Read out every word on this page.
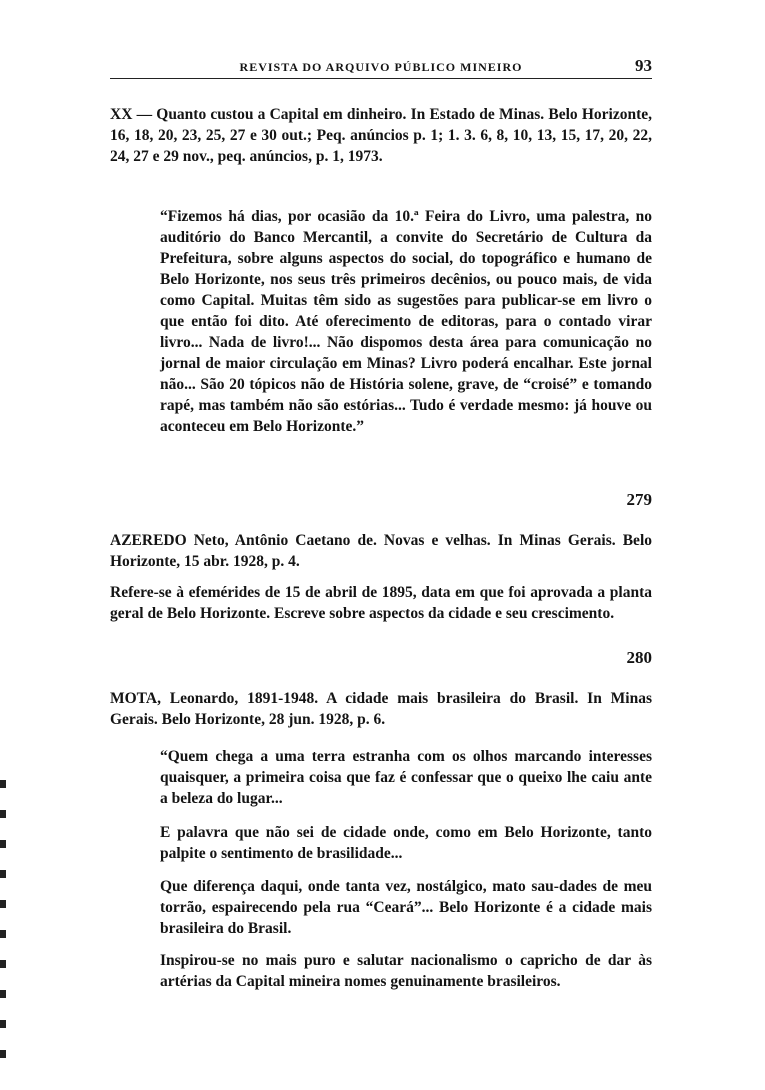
REVISTA DO ARQUIVO PÚBLICO MINEIRO	93
XX — Quanto custou a Capital em dinheiro. In Estado de Minas. Belo Horizonte, 16, 18, 20, 23, 25, 27 e 30 out.; Peq. anúncios p. 1; 1. 3. 6, 8, 10, 13, 15, 17, 20, 22, 24, 27 e 29 nov., peq. anúncios, p. 1, 1973.
“Fizemos há dias, por ocasião da 10.ª Feira do Livro, uma palestra, no auditório do Banco Mercantil, a convite do Secretário de Cultura da Prefeitura, sobre alguns aspectos do social, do topográfico e humano de Belo Horizonte, nos seus três primeiros decênios, ou pouco mais, de vida como Capital. Muitas têm sido as sugestões para publicar-se em livro o que então foi dito. Até oferecimento de editoras, para o contado virar livro... Nada de livro!... Não dispomos desta área para comunicação no jornal de maior circulação em Minas? Livro poderá encalhar. Este jornal não... São 20 tópicos não de História solene, grave, de “croisé” e tomando rapé, mas também não são estórias... Tudo é verdade mesmo: já houve ou aconteceu em Belo Horizonte.”
279
AZEREDO Neto, Antônio Caetano de. Novas e velhas. In Minas Gerais. Belo Horizonte, 15 abr. 1928, p. 4.
Refere-se à efemérides de 15 de abril de 1895, data em que foi aprovada a planta geral de Belo Horizonte. Escreve sobre aspectos da cidade e seu crescimento.
280
MOTA, Leonardo, 1891-1948. A cidade mais brasileira do Brasil. In Minas Gerais. Belo Horizonte, 28 jun. 1928, p. 6.
“Quem chega a uma terra estranha com os olhos marcando interesses quaisquer, a primeira coisa que faz é confessar que o queixo lhe caiu ante a beleza do lugar...
E palavra que não sei de cidade onde, como em Belo Horizonte, tanto palpite o sentimento de brasilidade...
Que diferença daqui, onde tanta vez, nostálgico, mato sau-dades de meu torrão, espairecendo pela rua “Ceará”... Belo Horizonte é a cidade mais brasileira do Brasil.
Inspirou-se no mais puro e salutar nacionalismo o capricho de dar às artérias da Capital mineira nomes genuinamente brasileiros.
